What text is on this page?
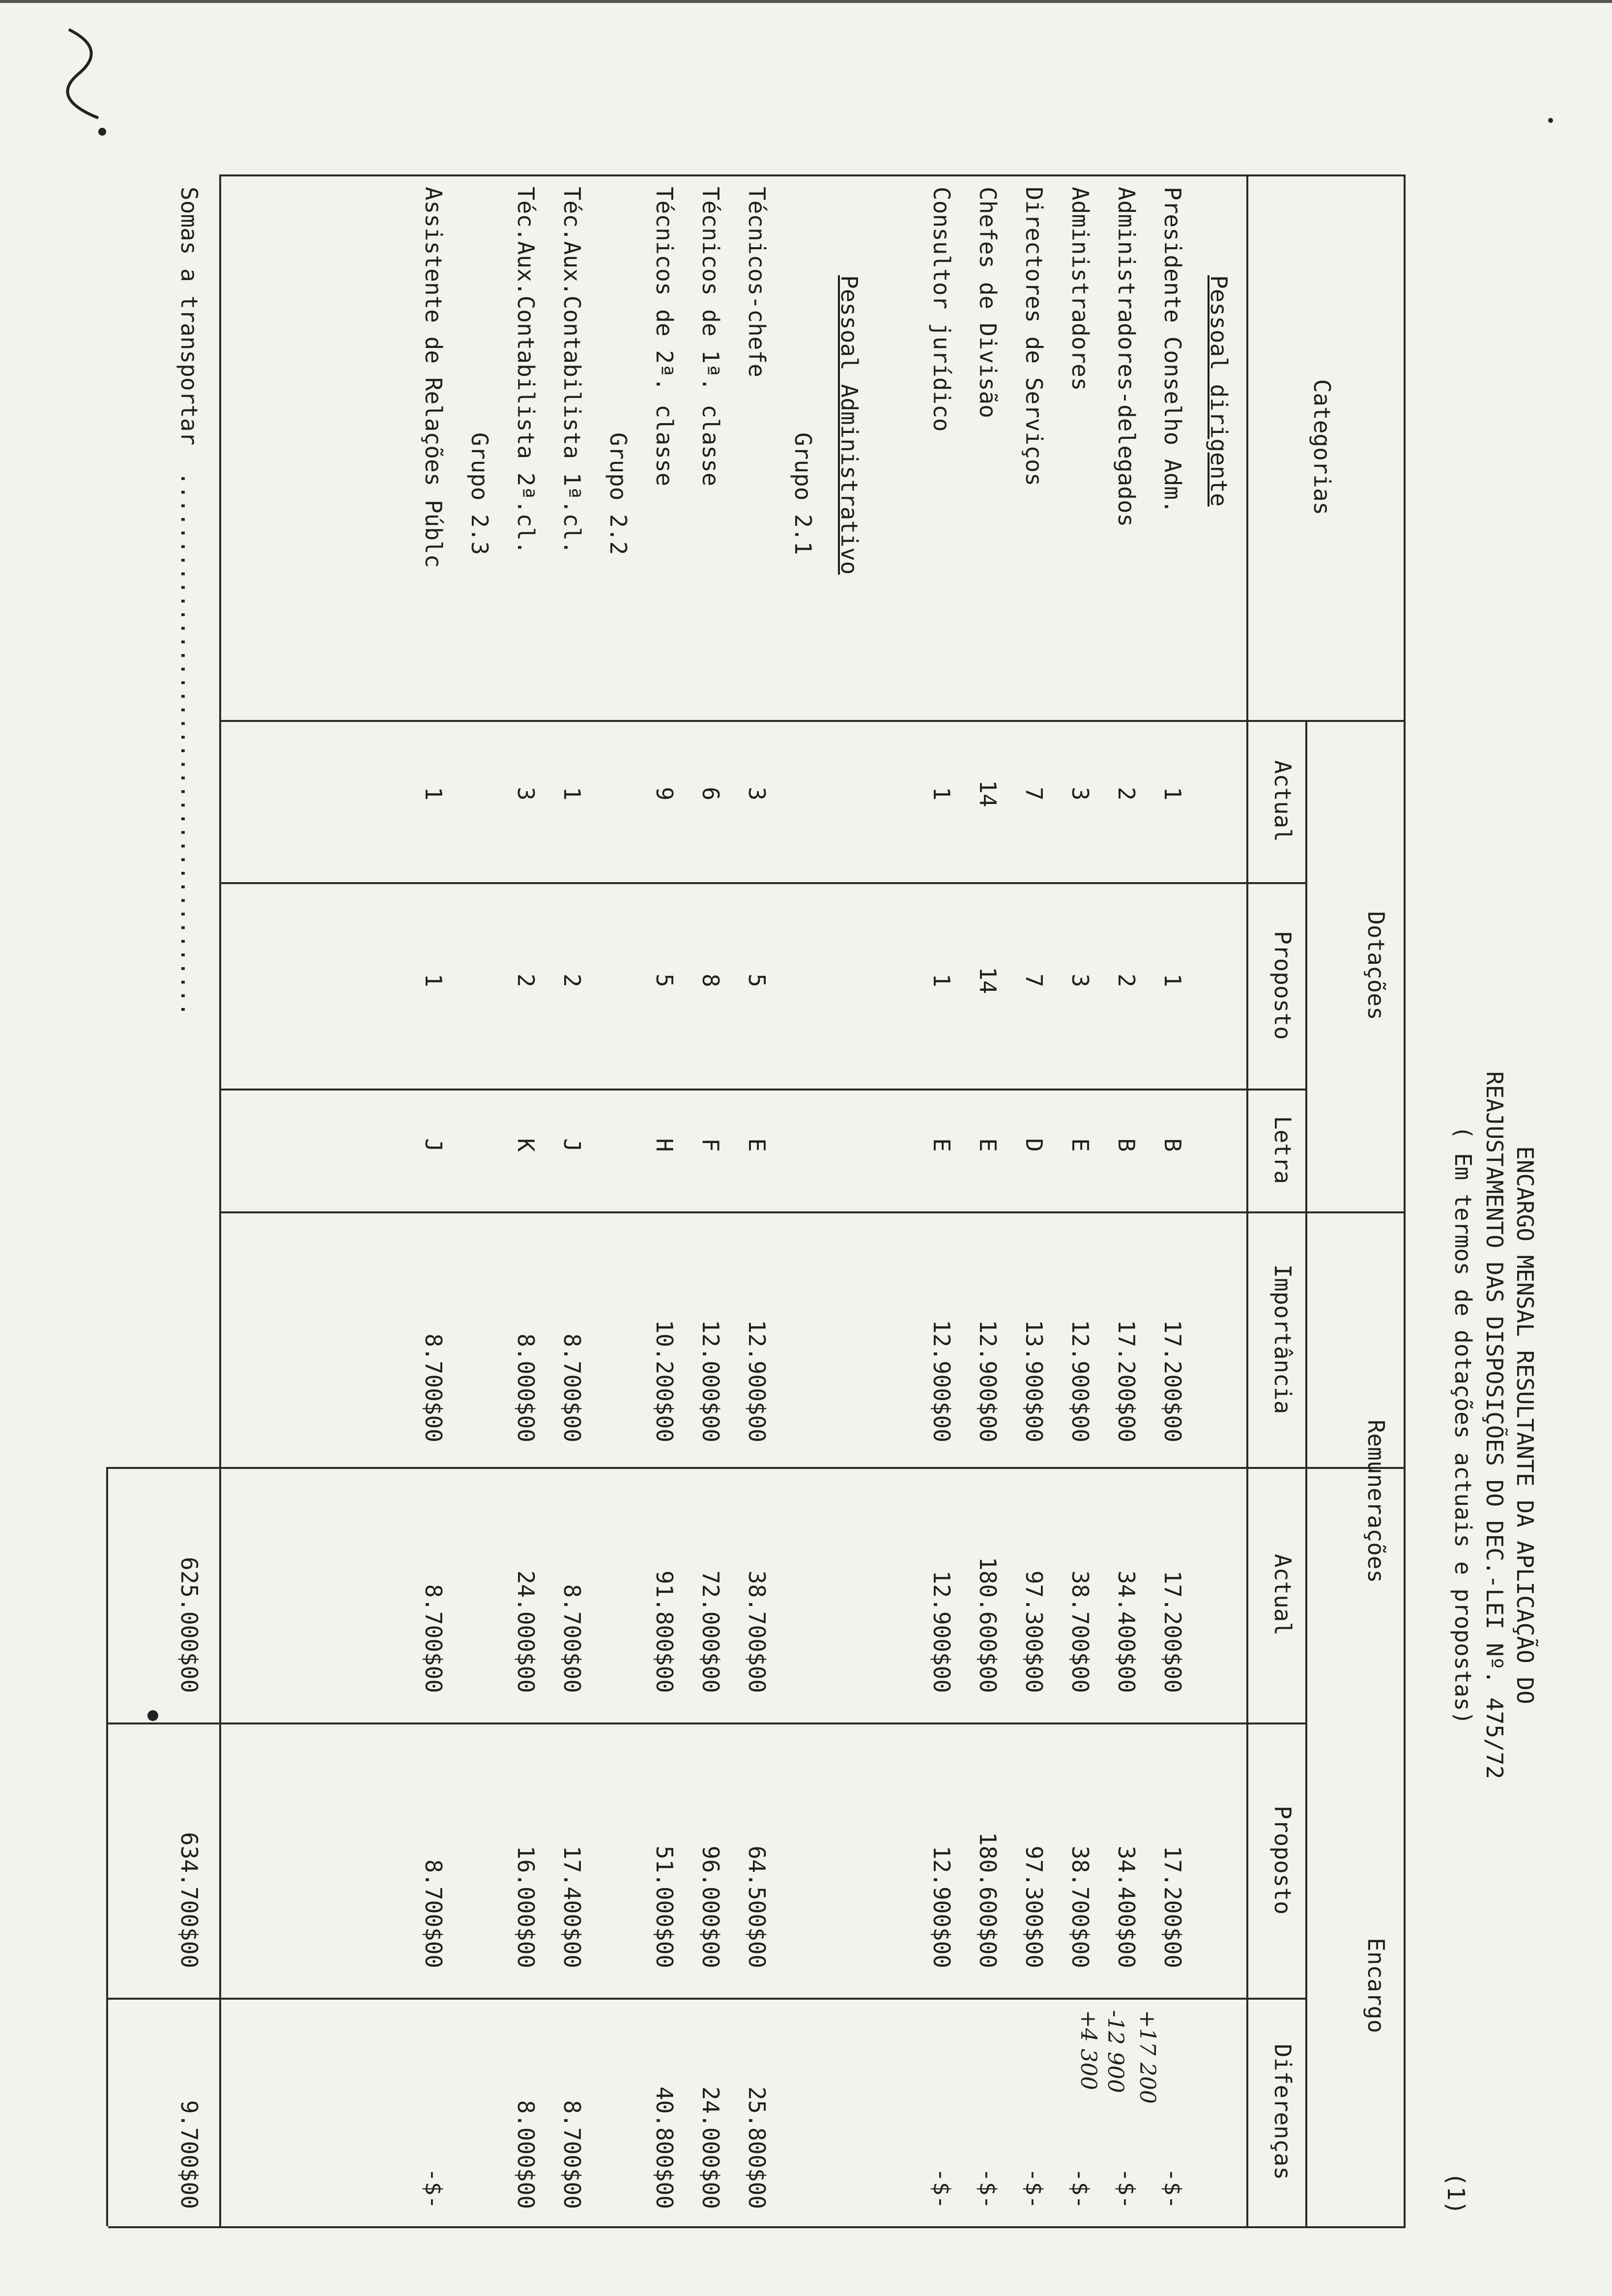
ENCARGO MENSAL RESULTANTE DA APLICAÇÃO DO
REAJUSTAMENTO DAS DISPOSIÇÕES DO DEC.-LEI Nº. 475/72
( Em termos de dotações actuais e propostas)
(1)
Categorias
Dotações
Remunerações
Encargo
Actual
Proposto
Letra
Importância
Actual
Proposto
Diferenças
Pessoal dirigente
Presidente Conselho Adm.
1
1
B
17.200$00
17.200$00
17.200$00
-$-
Administradores-delegados
2
2
B
17.200$00
34.400$00
34.400$00
-$-
Administradores
3
3
E
12.900$00
38.700$00
38.700$00
-$-
Directores de Serviços
7
7
D
13.900$00
97.300$00
97.300$00
-$-
Chefes de Divisão
14
14
E
12.900$00
180.600$00
180.600$00
-$-
Consultor jurídico
1
1
E
12.900$00
12.900$00
12.900$00
-$-
Pessoal Administrativo
Grupo 2.1
Técnicos-chefe
3
5
E
12.900$00
38.700$00
64.500$00
25.800$00
Técnicos de 1ª. classe
6
8
F
12.000$00
72.000$00
96.000$00
24.000$00
Técnicos de 2ª. classe
9
5
H
10.200$00
91.800$00
51.000$00
40.800$00
Grupo 2.2
Téc.Aux.Contabilista 1ª.cl.
1
2
J
8.700$00
8.700$00
17.400$00
8.700$00
Téc.Aux.Contabilista 2ª.cl.
3
2
K
8.000$00
24.000$00
16.000$00
8.000$00
Grupo 2.3
Assistente de Relações Públc
1
1
J
8.700$00
8.700$00
8.700$00
-$-
Somas a transportar
........................................
625.000$00
634.700$00
9.700$00
+17 200
-12 900
+4 300
